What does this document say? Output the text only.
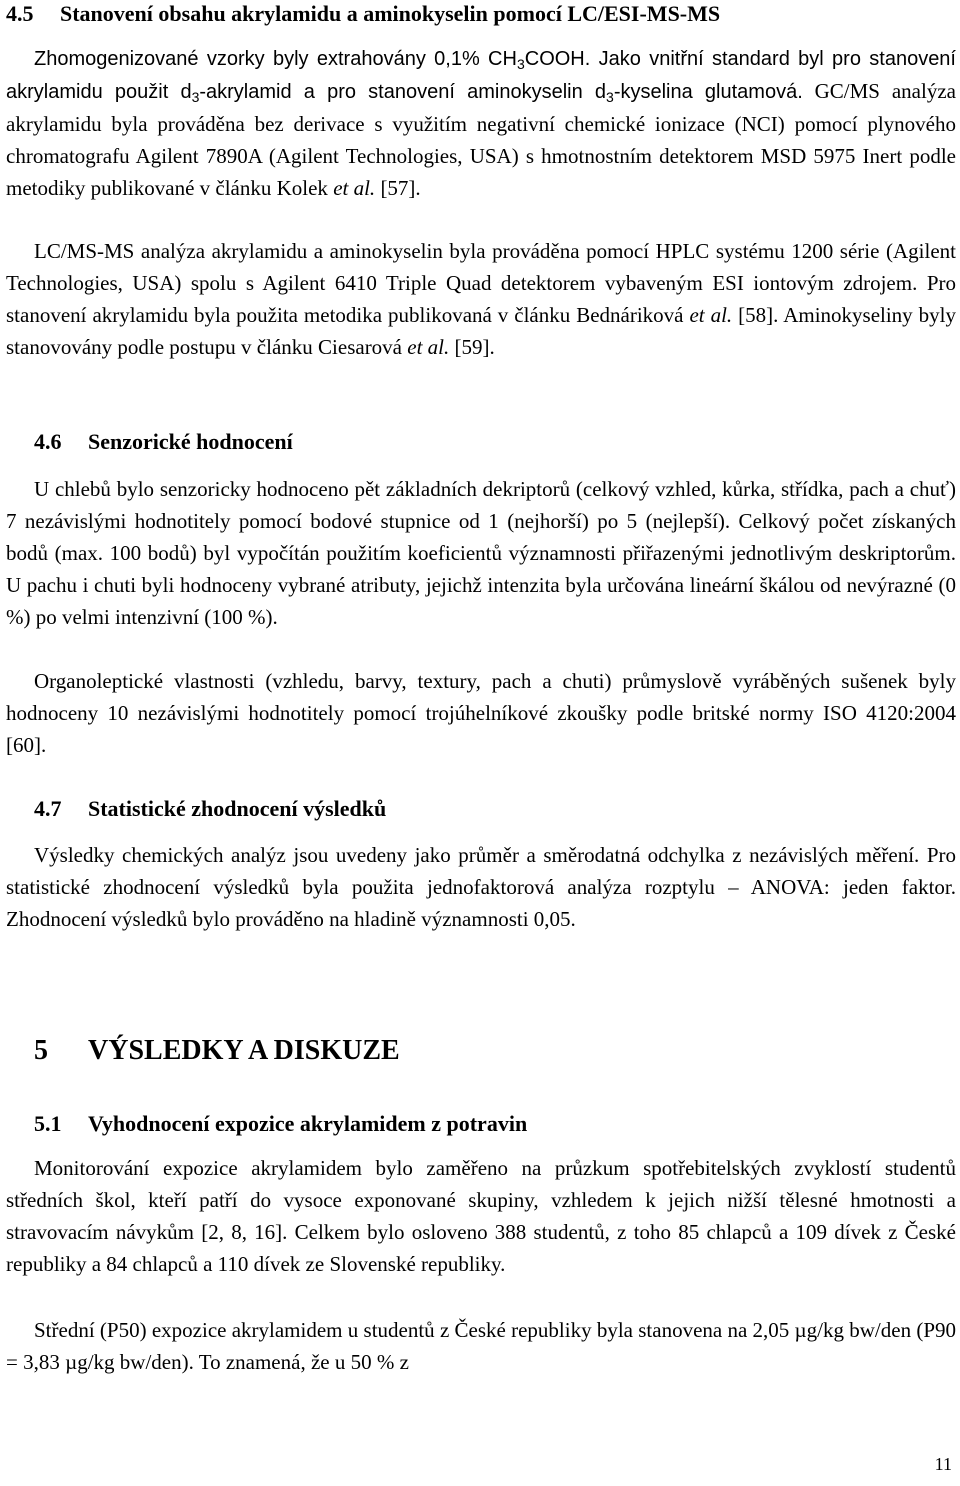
4.5 Stanovení obsahu akrylamidu a aminokyselin pomocí LC/ESI-MS-MS

Zhomogenizované vzorky byly extrahovány 0,1% $CH_3COOH$. Jako vnitřní standard byl pro stanovení akrylamidu použit $d_3$-akrylamid a pro stanovení aminokyselin $d_3$-kyselina glutamová. GC/MS analýza akrylamidu byla prováděna bez derivace s využitím negativní chemické ionizace (NCI) pomocí plynového chromatografu Agilent 7890A (Agilent Technologies, USA) s hmotnostním detektorem MSD 5975 Inert podle metodiky publikované v článku Kolek et al. [57].

LC/MS-MS analýza akrylamidu a aminokyselin byla prováděna pomocí HPLC systému 1200 série (Agilent Technologies, USA) spolu s Agilent 6410 Triple Quad detektorem vybaveným ESI iontovým zdrojem. Pro stanovení akrylamidu byla použita metodika publikovaná v článku Bednáriková et al. [58]. Aminokyseliny byly stanovovány podle postupu v článku Ciesarová et al. [59].

4.6 Senzorické hodnocení

U chlebů bylo senzoricky hodnoceno pět základních dekriptorů (celkový vzhled, kůrka, střídka, pach a chuť) 7 nezávislými hodnotitely pomocí bodové stupnice od 1 (nejhorší) po 5 (nejlepší). Celkový počet získaných bodů (max. 100 bodů) byl vypočítán použitím koeficientů významnosti přiřazenými jednotlivým deskriptorům. U pachu i chuti byli hodnoceny vybrané atributy, jejichž intenzita byla určována lineární škálou od nevýrazné (0 %) po velmi intenzivní (100 %).

Organoleptické vlastnosti (vzhledu, barvy, textury, pach a chuti) průmyslově vyráběných sušenek byly hodnoceny 10 nezávislými hodnotitely pomocí trojúhelníkové zkoušky podle britské normy ISO 4120:2004 [60].

4.7 Statistické zhodnocení výsledků

Výsledky chemických analýz jsou uvedeny jako průměr a směrodatná odchylka z nezávislých měření. Pro statistické zhodnocení výsledků byla použita jednofaktorová analýza rozptylu – ANOVA: jeden faktor. Zhodnocení výsledků bylo prováděno na hladině významnosti 0,05.

5 VÝSLEDKY A DISKUZE
5.1 Vyhodnocení expozice akrylamidem z potravin

Monitorování expozice akrylamidem bylo zaměřeno na průzkum spotřebitelských zvyklostí studentů středních škol, kteří patří do vysoce exponované skupiny, vzhledem k jejich nižší tělesné hmotnosti a stravovacím návykům [2, 8, 16]. Celkem bylo osloveno 388 studentů, z toho 85 chlapců a 109 dívek z České republiky a 84 chlapců a 110 dívek ze Slovenské republiky.

Střední (P50) expozice akrylamidem u studentů z České republiky byla stanovena na 2,05 µg/kg bw/den (P90 = 3,83 µg/kg bw/den). To znamená, že u 50 % z

11
